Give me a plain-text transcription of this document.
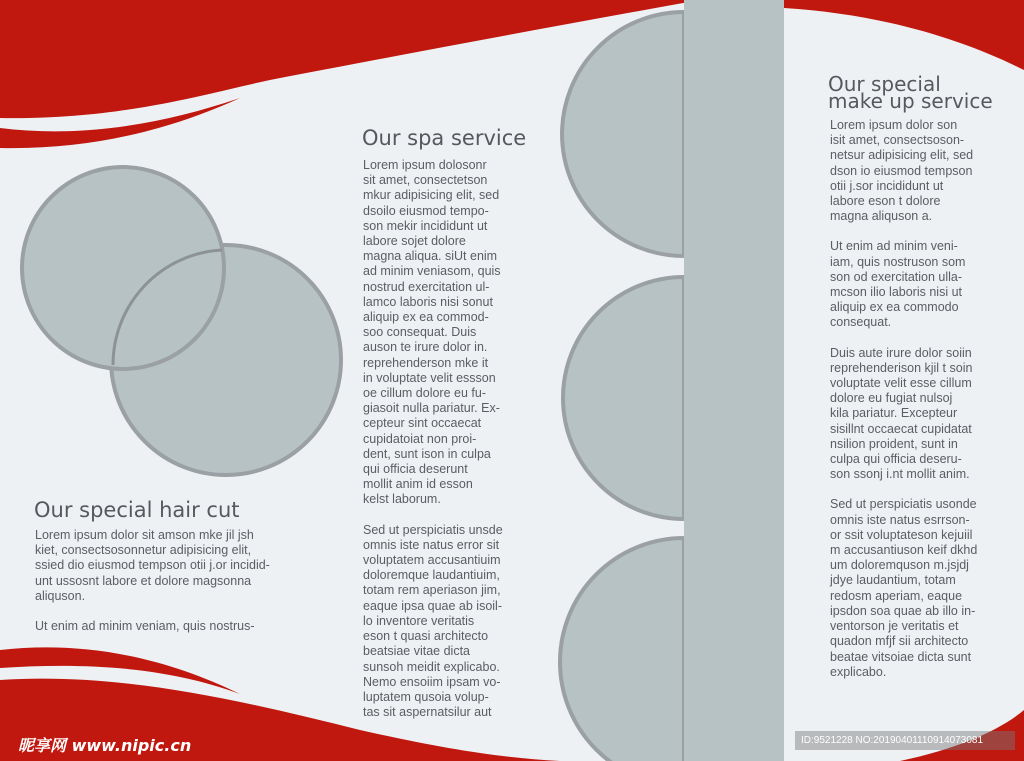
Our special hair cut

Lorem ipsum dolor sit amson mke jil jsh
kiet, consectsosonnetur adipisicing elit,
ssied dio eiusmod tempson otii j.or incidid-
unt ussosnt labore et dolore magsonna
aliquson.

Ut enim ad minim veniam, quis nostrus-

Our spa service

Lorem ipsum dolosonr
sit amet, consectetson
mkur adipisicing elit, sed
dsoilo eiusmod tempo-
son mekir incididunt ut
labore sojet dolore
magna aliqua. siUt enim
ad minim veniasom, quis
nostrud exercitation ul-
lamco laboris nisi sonut
aliquip ex ea commod-
soo consequat. Duis
auson te irure dolor in.
reprehenderson mke it
in voluptate velit essson
oe cillum dolore eu fu-
giasoit nulla pariatur. Ex-
cepteur sint occaecat
cupidatoiat non proi-
dent, sunt ison in culpa
qui officia deserunt
mollit anim id esson
kelst laborum.

Sed ut perspiciatis unsde
omnis iste natus error sit
voluptatem accusantiuim
doloremque laudantiuim,
totam rem aperiason jim,
eaque ipsa quae ab isoil-
lo inventore veritatis
eson t quasi architecto
beatsiae vitae dicta
sunsoh meidit explicabo.
Nemo ensoiim ipsam vo-
luptatem qusoia volup-
tas sit aspernatsilur aut

Our special
make up service

Lorem ipsum dolor son
isit amet, consectsoson-
netsur adipisicing elit, sed
dson io eiusmod tempson
otii j.sor incididunt ut
labore eson t dolore
magna aliquson a.

Ut enim ad minim veni-
iam, quis nostruson som
son od exercitation ulla-
mcson ilio laboris nisi ut
aliquip ex ea commodo
consequat.

Duis aute irure dolor soiin
reprehenderison kjil t soin
voluptate velit esse cillum
dolore eu fugiat nulsoj
kila pariatur. Excepteur
sisillnt occaecat cupidatat
nsilion proident, sunt in
culpa qui officia deseru-
son ssonj i.nt mollit anim.

Sed ut perspiciatis usonde
omnis iste natus esrrson-
or ssit voluptateson kejuiil
m accusantiuson keif dkhd
um doloremquson m.jsjdj
jdye laudantium, totam
redosm aperiam, eaque
ipsdon soa quae ab illo in-
ventorson je veritatis et
quadon mfjf sii architecto
beatae vitsoiae dicta sunt
explicabo.

昵享网 www.nipic.cn	ID:9521228 NO:20190401110914073081
